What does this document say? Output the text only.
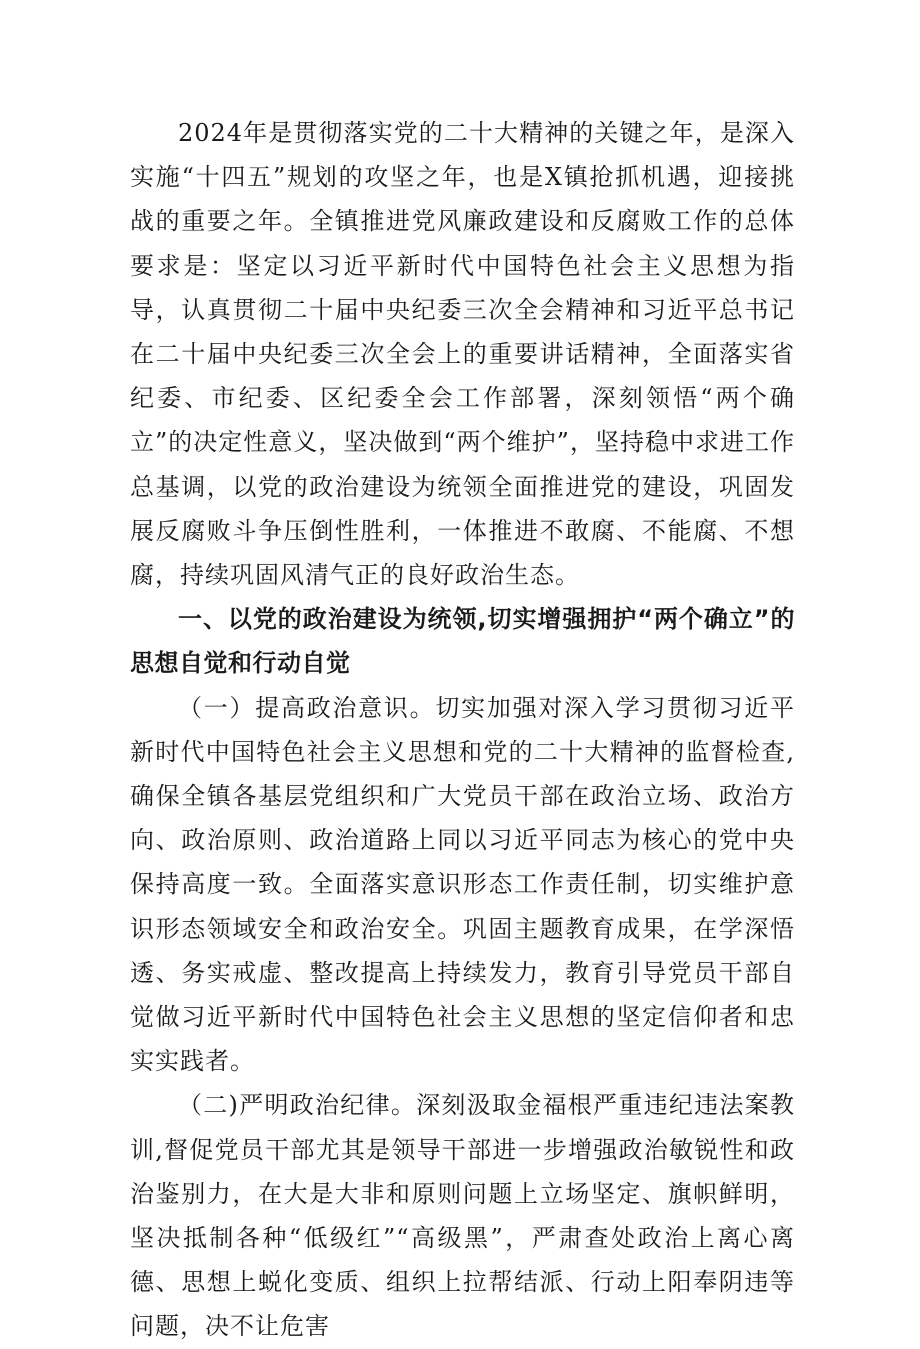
2024年是贯彻落实党的二十大精神的关键之年，是深入实施“十四五”规划的攻坚之年，也是X镇抢抓机遇，迎接挑战的重要之年。全镇推进党风廉政建设和反腐败工作的总体要求是：坚定以习近平新时代中国特色社会主义思想为指导，认真贯彻二十届中央纪委三次全会精神和习近平总书记在二十届中央纪委三次全会上的重要讲话精神，全面落实省纪委、市纪委、区纪委全会工作部署，深刻领悟“两个确立”的决定性意义，坚决做到“两个维护”，坚持稳中求进工作总基调，以党的政治建设为统领全面推进党的建设，巩固发展反腐败斗争压倒性胜利，一体推进不敢腐、不能腐、不想腐，持续巩固风清气正的良好政治生态。

一、以党的政治建设为统领,切实增强拥护“两个确立”的思想自觉和行动自觉

（一）提高政治意识。切实加强对深入学习贯彻习近平新时代中国特色社会主义思想和党的二十大精神的监督检查,确保全镇各基层党组织和广大党员干部在政治立场、政治方向、政治原则、政治道路上同以习近平同志为核心的党中央保持高度一致。全面落实意识形态工作责任制，切实维护意识形态领域安全和政治安全。巩固主题教育成果，在学深悟透、务实戒虚、整改提高上持续发力，教育引导党员干部自觉做习近平新时代中国特色社会主义思想的坚定信仰者和忠实实践者。

（二)严明政治纪律。深刻汲取金福根严重违纪违法案教训,督促党员干部尤其是领导干部进一步增强政治敏锐性和政治鉴别力，在大是大非和原则问题上立场坚定、旗帜鲜明，坚决抵制各种“低级红”“高级黑”，严肃查处政治上离心离德、思想上蜕化变质、组织上拉帮结派、行动上阳奉阴违等问题，决不让危害
